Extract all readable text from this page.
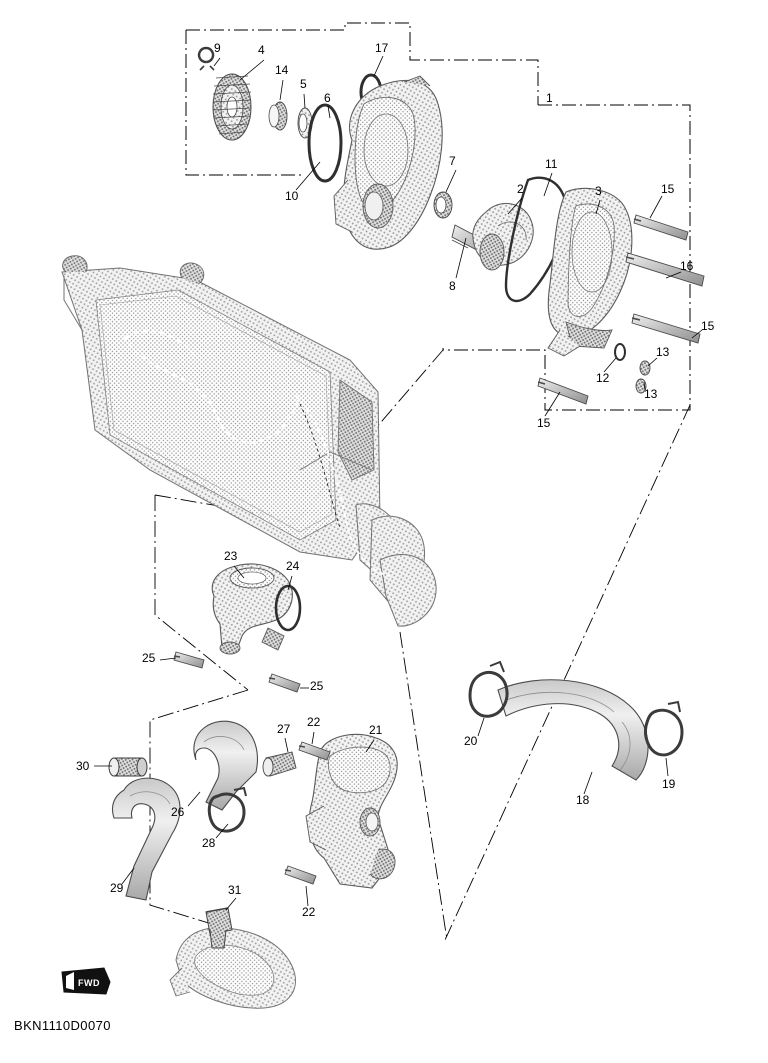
9	4
14
5
6
17
1
10
7	11
2	3	15
16
8
15
13
12
13
15
23
24
25
25
20
19
18
27 22
21
30
26
28
29	31
22
FWD
BKN1110D0070
